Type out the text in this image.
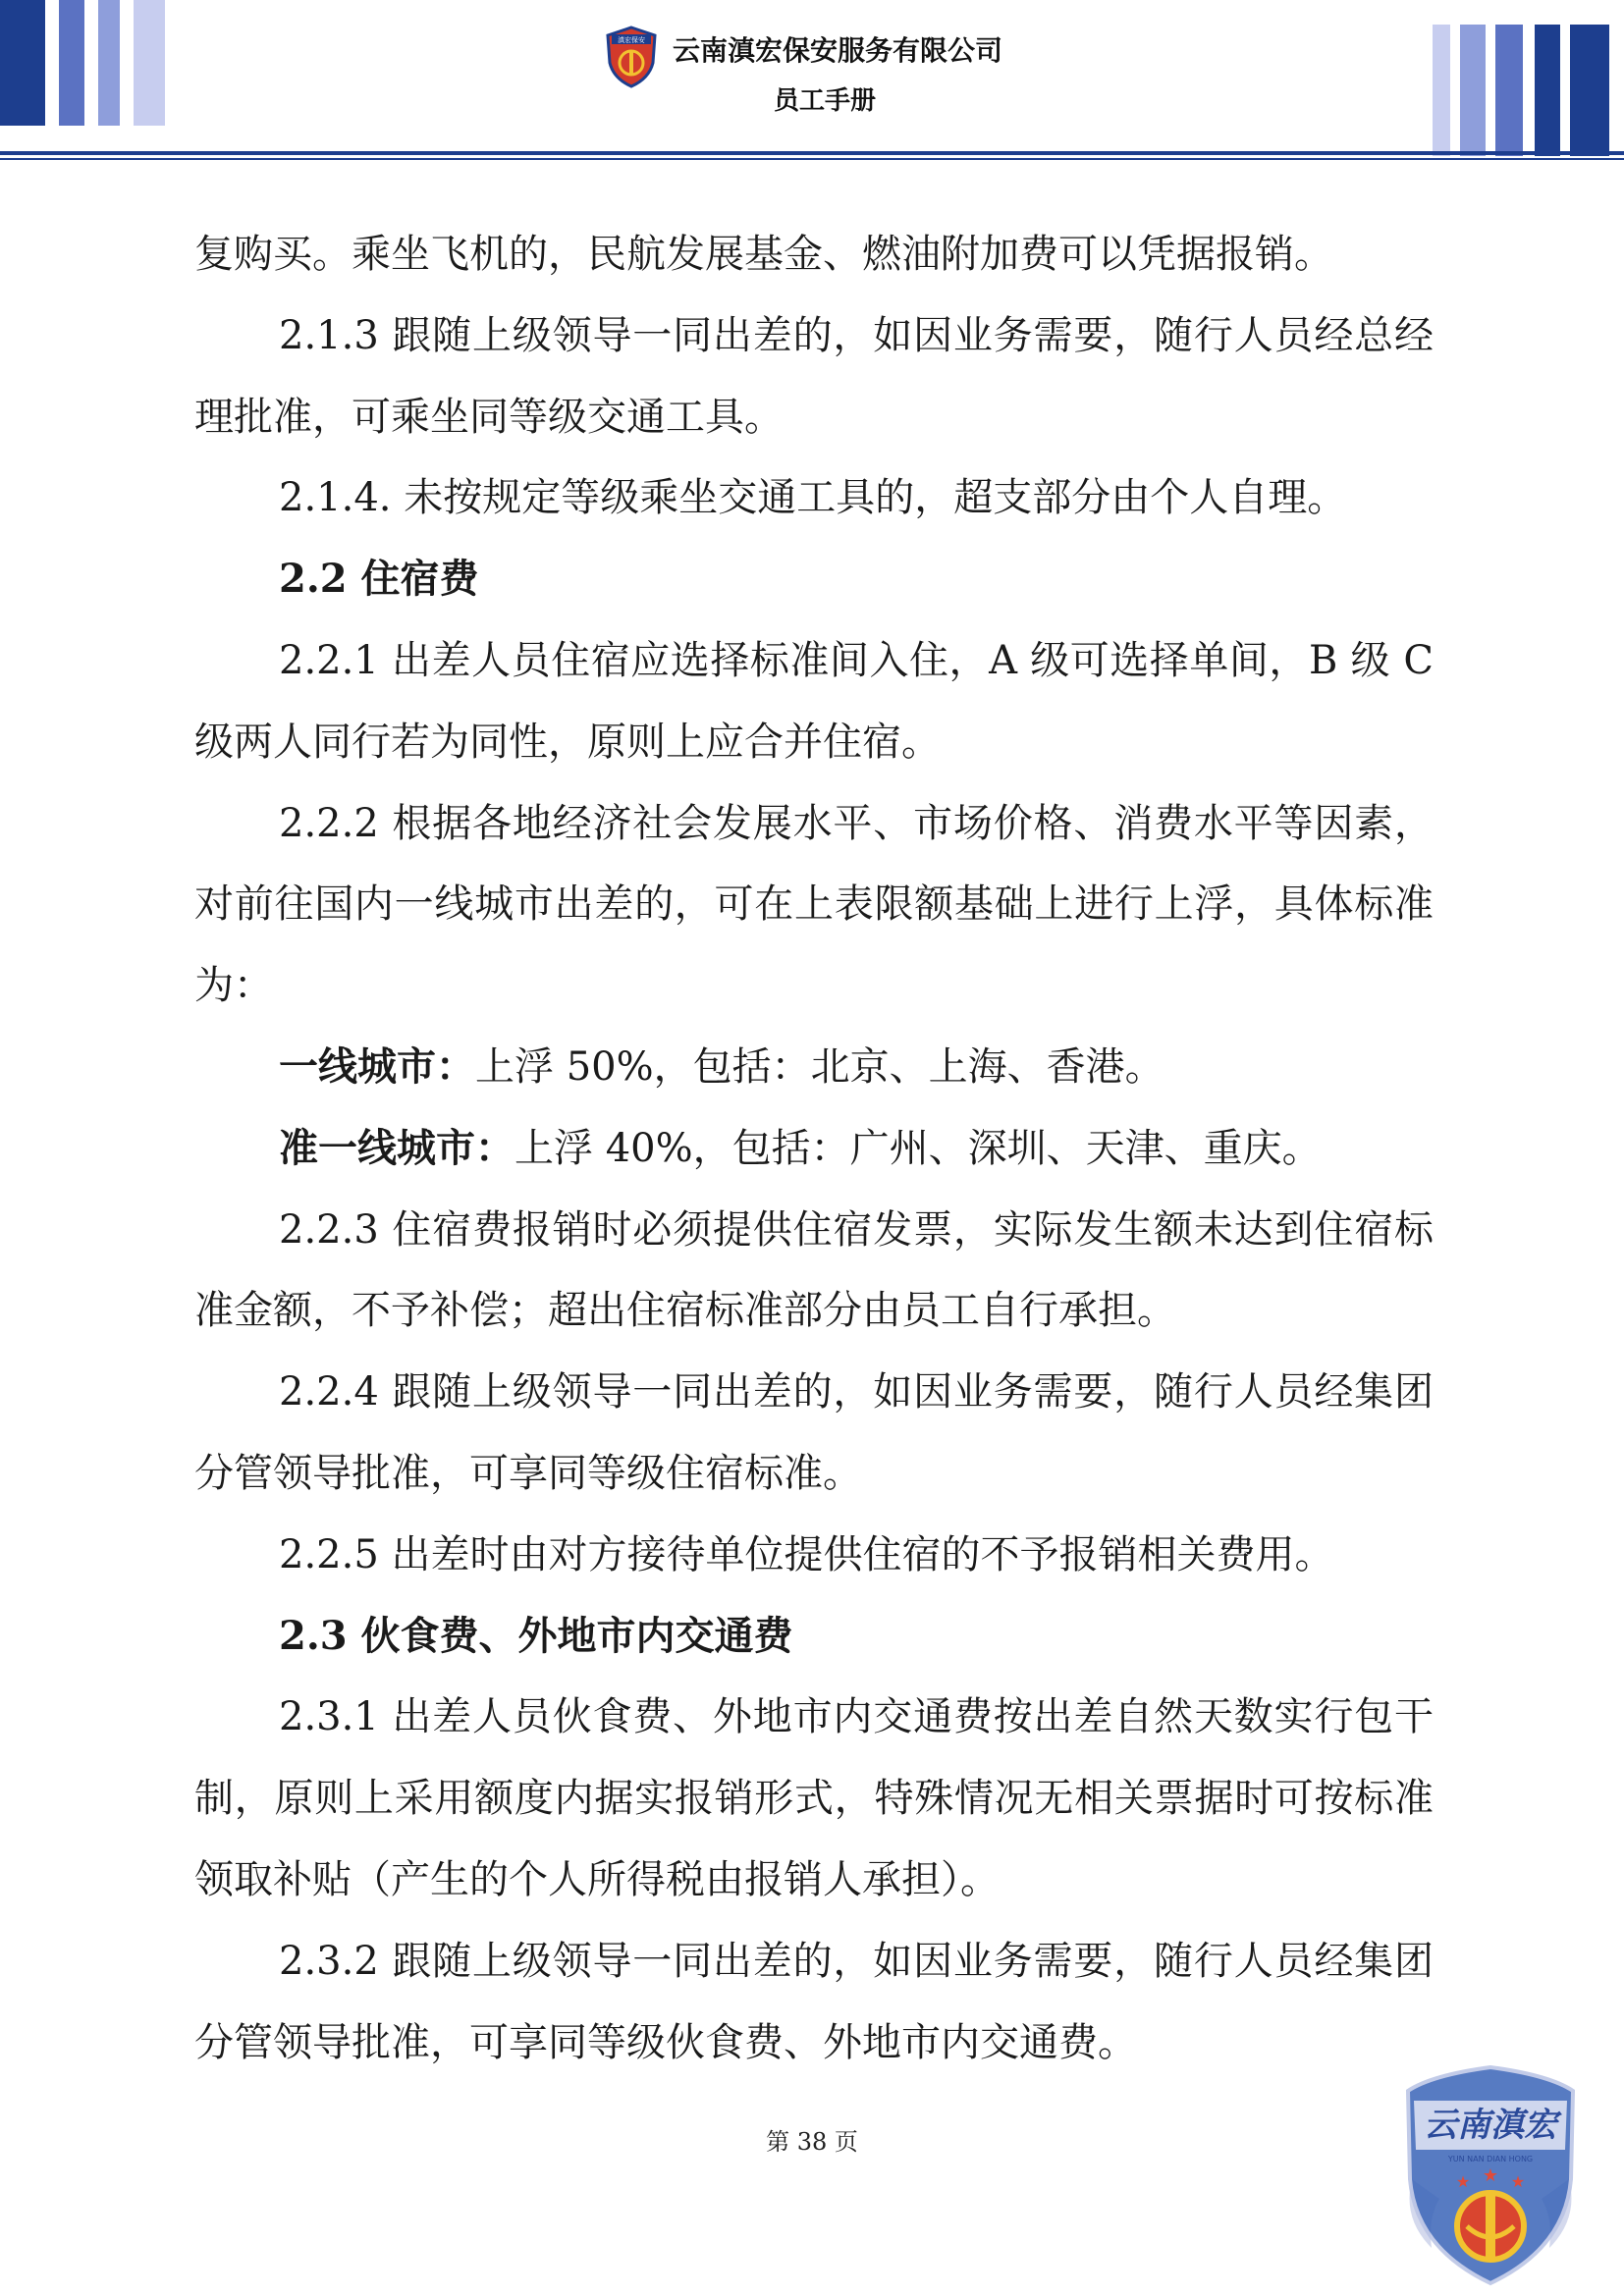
滇宏保安 云南滇宏保安服务有限公司
员工手册

复购买。乘坐飞机的，民航发展基金、燃油附加费可以凭据报销。

2.1.3 跟随上级领导一同出差的，如因业务需要，随行人员经总经理批准，可乘坐同等级交通工具。

2.1.4. 未按规定等级乘坐交通工具的，超支部分由个人自理。

2.2 住宿费

2.2.1 出差人员住宿应选择标准间入住，A 级可选择单间，B 级 C 级两人同行若为同性，原则上应合并住宿。

2.2.2 根据各地经济社会发展水平、市场价格、消费水平等因素，对前往国内一线城市出差的，可在上表限额基础上进行上浮，具体标准为：

一线城市：上浮 50%，包括：北京、上海、香港。

准一线城市：上浮 40%，包括：广州、深圳、天津、重庆。

2.2.3 住宿费报销时必须提供住宿发票，实际发生额未达到住宿标准金额，不予补偿；超出住宿标准部分由员工自行承担。

2.2.4 跟随上级领导一同出差的，如因业务需要，随行人员经集团分管领导批准，可享同等级住宿标准。

2.2.5 出差时由对方接待单位提供住宿的不予报销相关费用。

2.3 伙食费、外地市内交通费

2.3.1 出差人员伙食费、外地市内交通费按出差自然天数实行包干制，原则上采用额度内据实报销形式，特殊情况无相关票据时可按标准领取补贴（产生的个人所得税由报销人承担）。

2.3.2 跟随上级领导一同出差的，如因业务需要，随行人员经集团分管领导批准，可享同等级伙食费、外地市内交通费。

第 38 页	云南滇宏
YUN NAN DIAN HONG
★ ★ ★
